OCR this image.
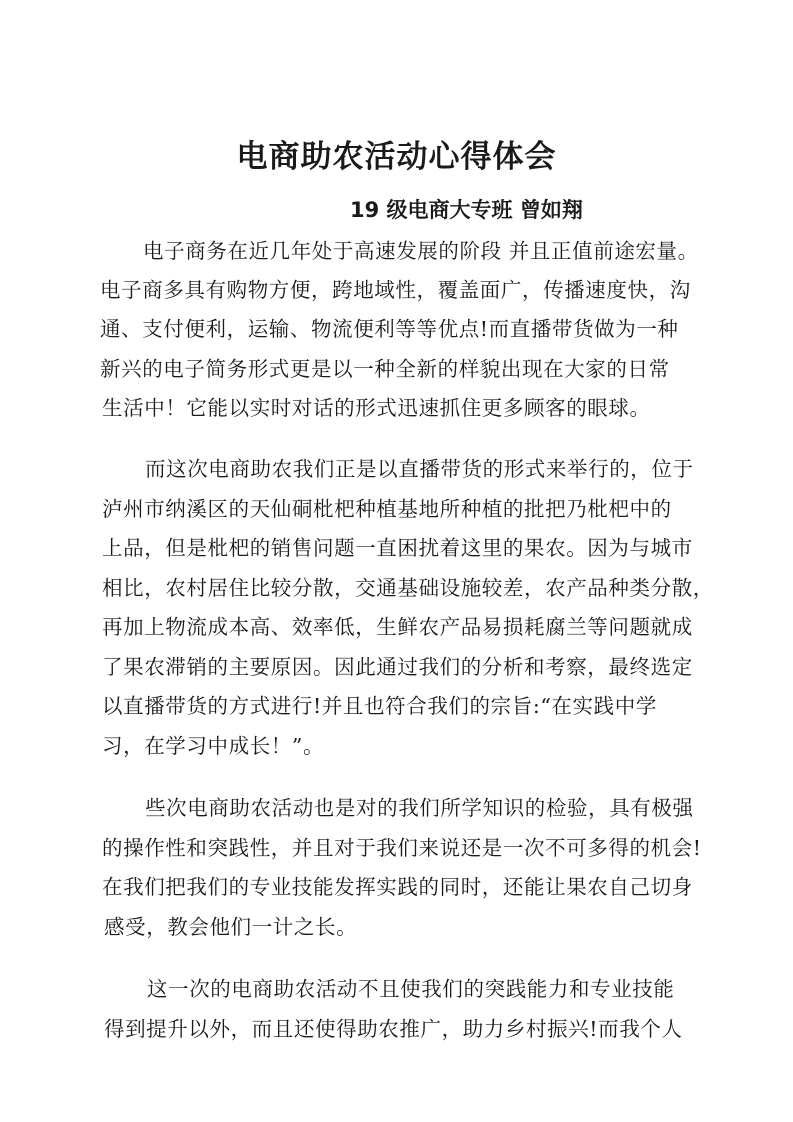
电商助农活动心得体会
19 级电商大专班 曾如翔
电子商务在近几年处于高速发展的阶段 并且正值前途宏量。
电子商多具有购物方便，跨地域性，覆盖面广，传播速度快，沟
通、支付便利，运输、物流便利等等优点!而直播带货做为一种
新兴的电子简务形式更是以一种全新的样貌出现在大家的日常
生活中！它能以实时对话的形式迅速抓住更多顾客的眼球。
而这次电商助农我们正是以直播带货的形式来举行的，位于
泸州市纳溪区的天仙硐枇杷种植基地所种植的批把乃枇杷中的
上品，但是枇杷的销售问题一直困扰着这里的果农。因为与城市
相比，农村居住比较分散，交通基础设施较差，农产品种类分散，
再加上物流成本高、效率低，生鲜农产品易损耗腐兰等问题就成
了果农滞销的主要原因。因此通过我们的分析和考察，最终选定
以直播带货的方式进行!并且也符合我们的宗旨:“在实践中学
习，在学习中成长！”。
些次电商助农活动也是对的我们所学知识的检验，具有极强
的操作性和突践性，并且对于我们来说还是一次不可多得的机会!
在我们把我们的专业技能发挥实践的同时，还能让果农自己切身
感受，教会他们一计之长。
这一次的电商助农活动不且使我们的突践能力和专业技能
得到提升以外，而且还使得助农推广，助力乡村振兴!而我个人
